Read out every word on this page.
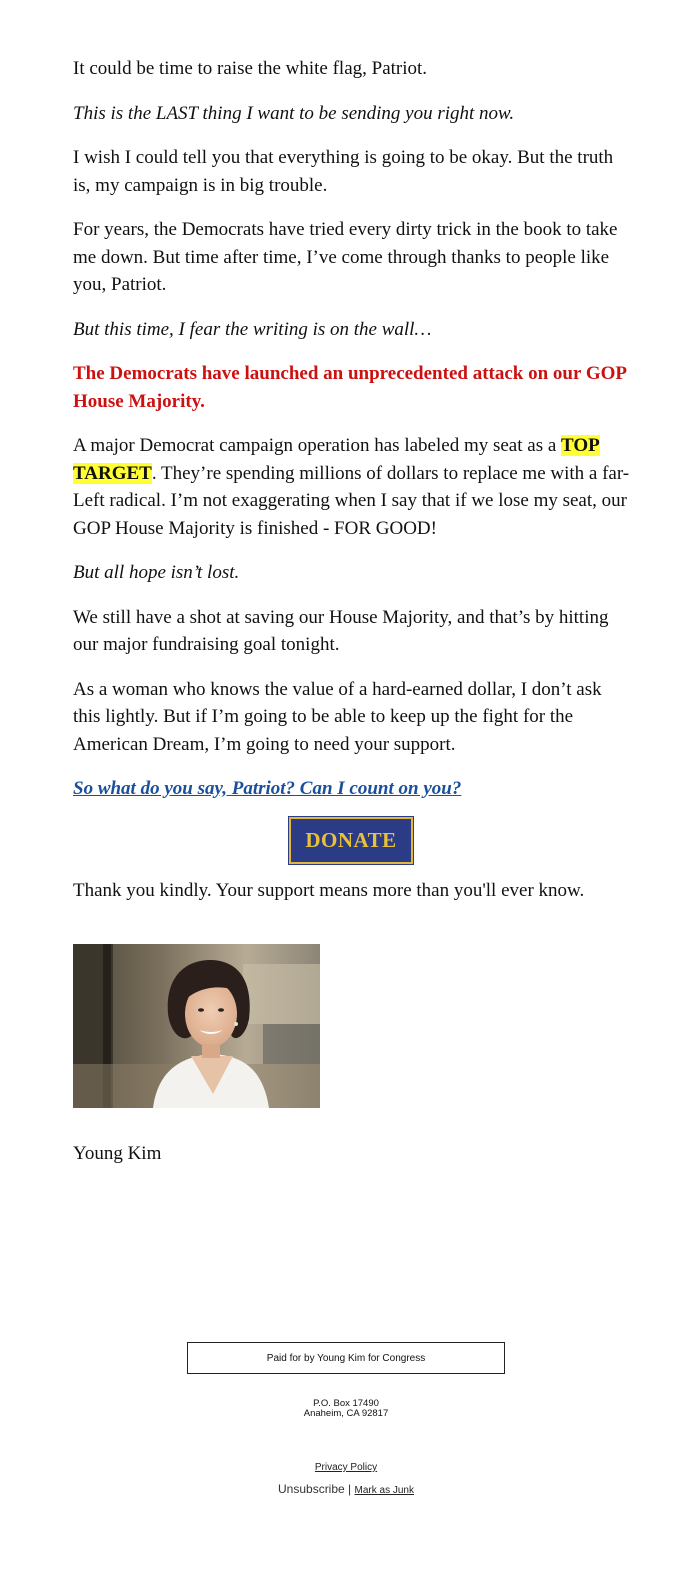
It could be time to raise the white flag, Patriot.

This is the LAST thing I want to be sending you right now.

I wish I could tell you that everything is going to be okay. But the truth is, my campaign is in big trouble.

For years, the Democrats have tried every dirty trick in the book to take me down. But time after time, I’ve come through thanks to people like you, Patriot.

But this time, I fear the writing is on the wall…

The Democrats have launched an unprecedented attack on our GOP House Majority.

A major Democrat campaign operation has labeled my seat as a TOP TARGET. They’re spending millions of dollars to replace me with a far-Left radical. I’m not exaggerating when I say that if we lose my seat, our GOP House Majority is finished - FOR GOOD!

But all hope isn’t lost.

We still have a shot at saving our House Majority, and that’s by hitting our major fundraising goal tonight.

As a woman who knows the value of a hard-earned dollar, I don’t ask this lightly. But if I’m going to be able to keep up the fight for the American Dream, I’m going to need your support.

So what do you say, Patriot? Can I count on you?

DONATE

Thank you kindly. Your support means more than you'll ever know.

Young Kim
Paid for by Young Kim for Congress
P.O. Box 17490
Anaheim, CA 92817
Privacy Policy
Unsubscribe | Mark as Junk
